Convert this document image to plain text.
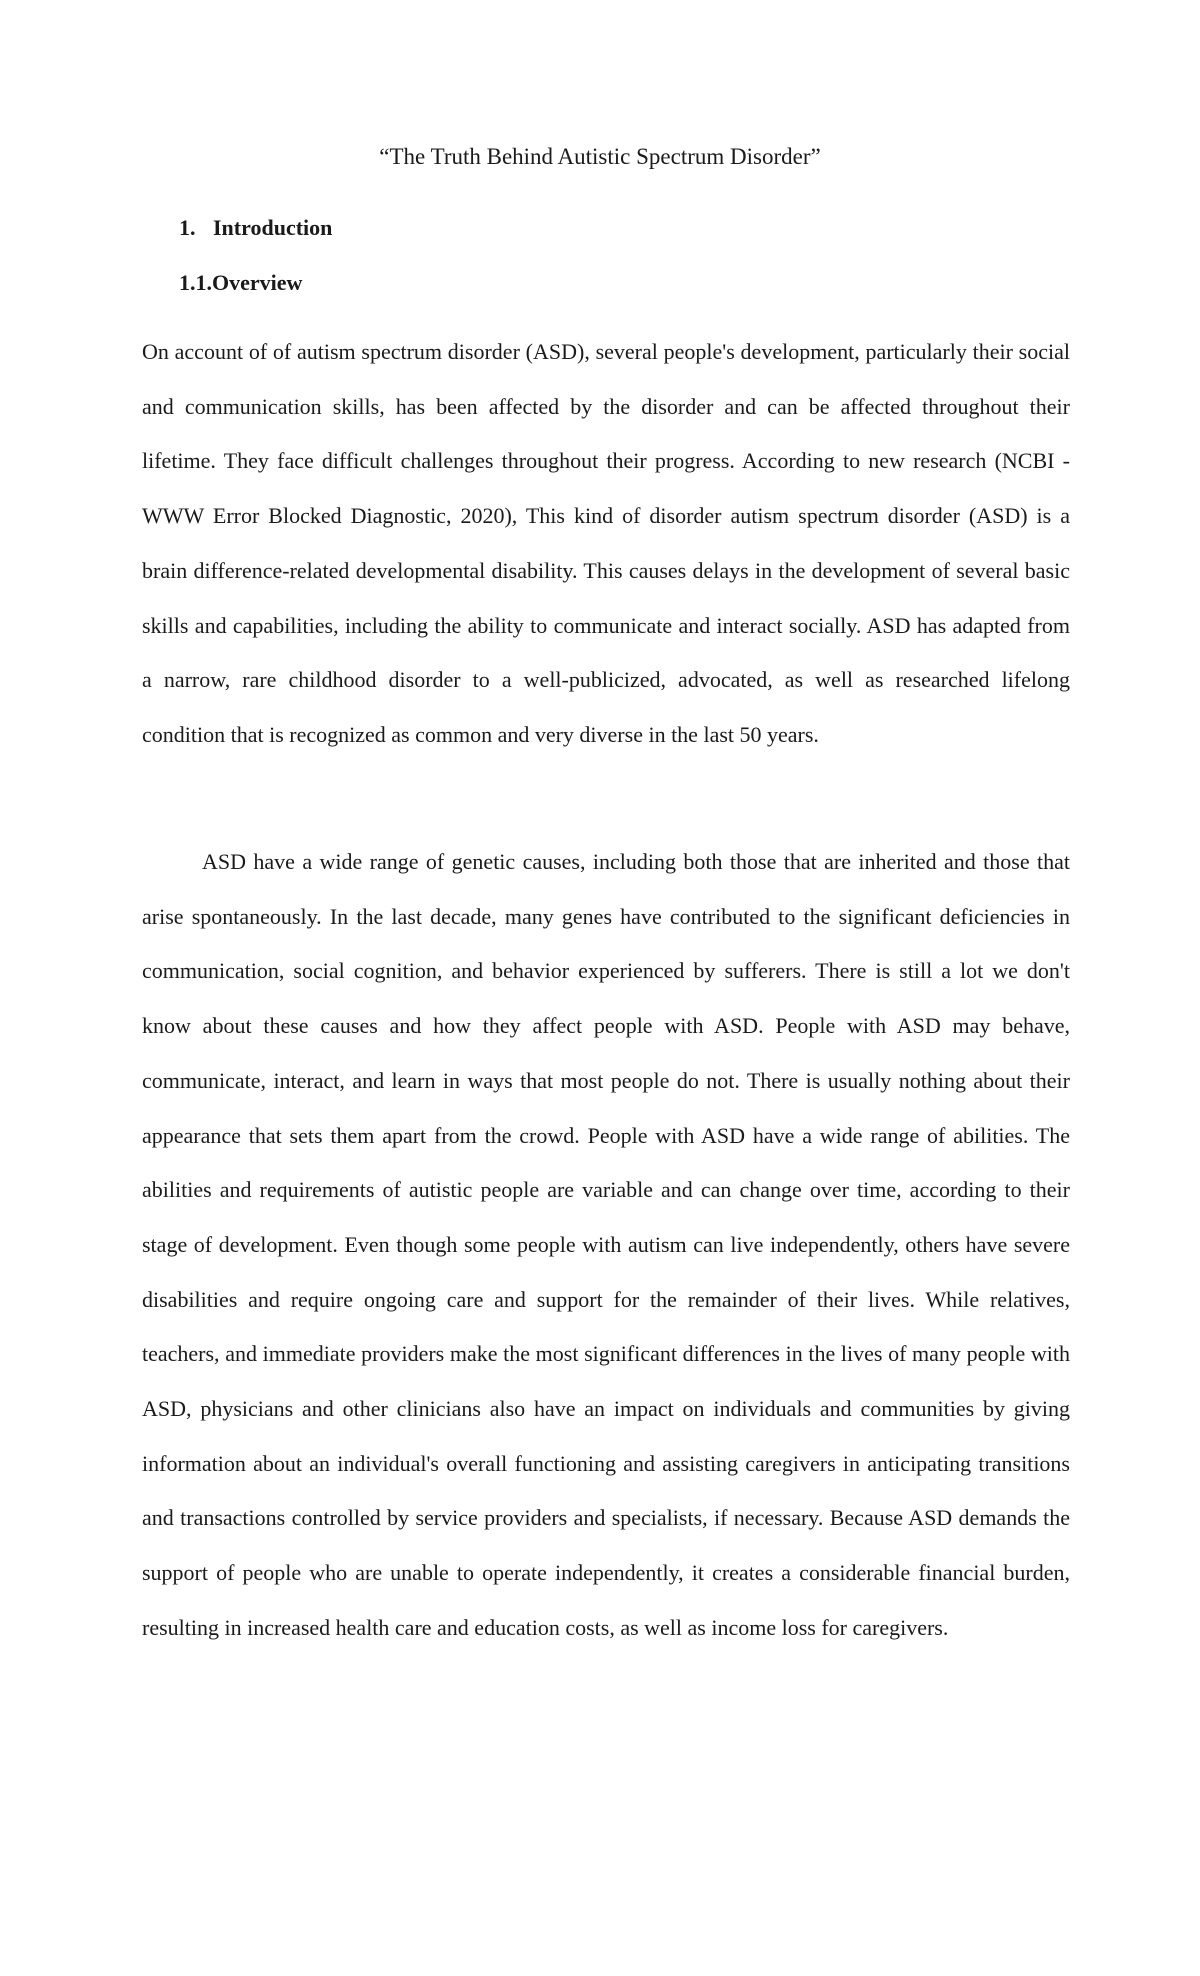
“The Truth Behind Autistic Spectrum Disorder”
1. Introduction
1.1.Overview

On account of of autism spectrum disorder (ASD), several people's development, particularly their social and communication skills, has been affected by the disorder and can be affected throughout their lifetime. They face difficult challenges throughout their progress. According to new research (NCBI - WWW Error Blocked Diagnostic, 2020), This kind of disorder autism spectrum disorder (ASD) is a brain difference-related developmental disability. This causes delays in the development of several basic skills and capabilities, including the ability to communicate and interact socially. ASD has adapted from a narrow, rare childhood disorder to a well-publicized, advocated, as well as researched lifelong condition that is recognized as common and very diverse in the last 50 years.

ASD have a wide range of genetic causes, including both those that are inherited and those that arise spontaneously. In the last decade, many genes have contributed to the significant deficiencies in communication, social cognition, and behavior experienced by sufferers. There is still a lot we don't know about these causes and how they affect people with ASD. People with ASD may behave, communicate, interact, and learn in ways that most people do not. There is usually nothing about their appearance that sets them apart from the crowd. People with ASD have a wide range of abilities. The abilities and requirements of autistic people are variable and can change over time, according to their stage of development. Even though some people with autism can live independently, others have severe disabilities and require ongoing care and support for the remainder of their lives. While relatives, teachers, and immediate providers make the most significant differences in the lives of many people with ASD, physicians and other clinicians also have an impact on individuals and communities by giving information about an individual's overall functioning and assisting caregivers in anticipating transitions and transactions controlled by service providers and specialists, if necessary. Because ASD demands the support of people who are unable to operate independently, it creates a considerable financial burden, resulting in increased health care and education costs, as well as income loss for caregivers.
